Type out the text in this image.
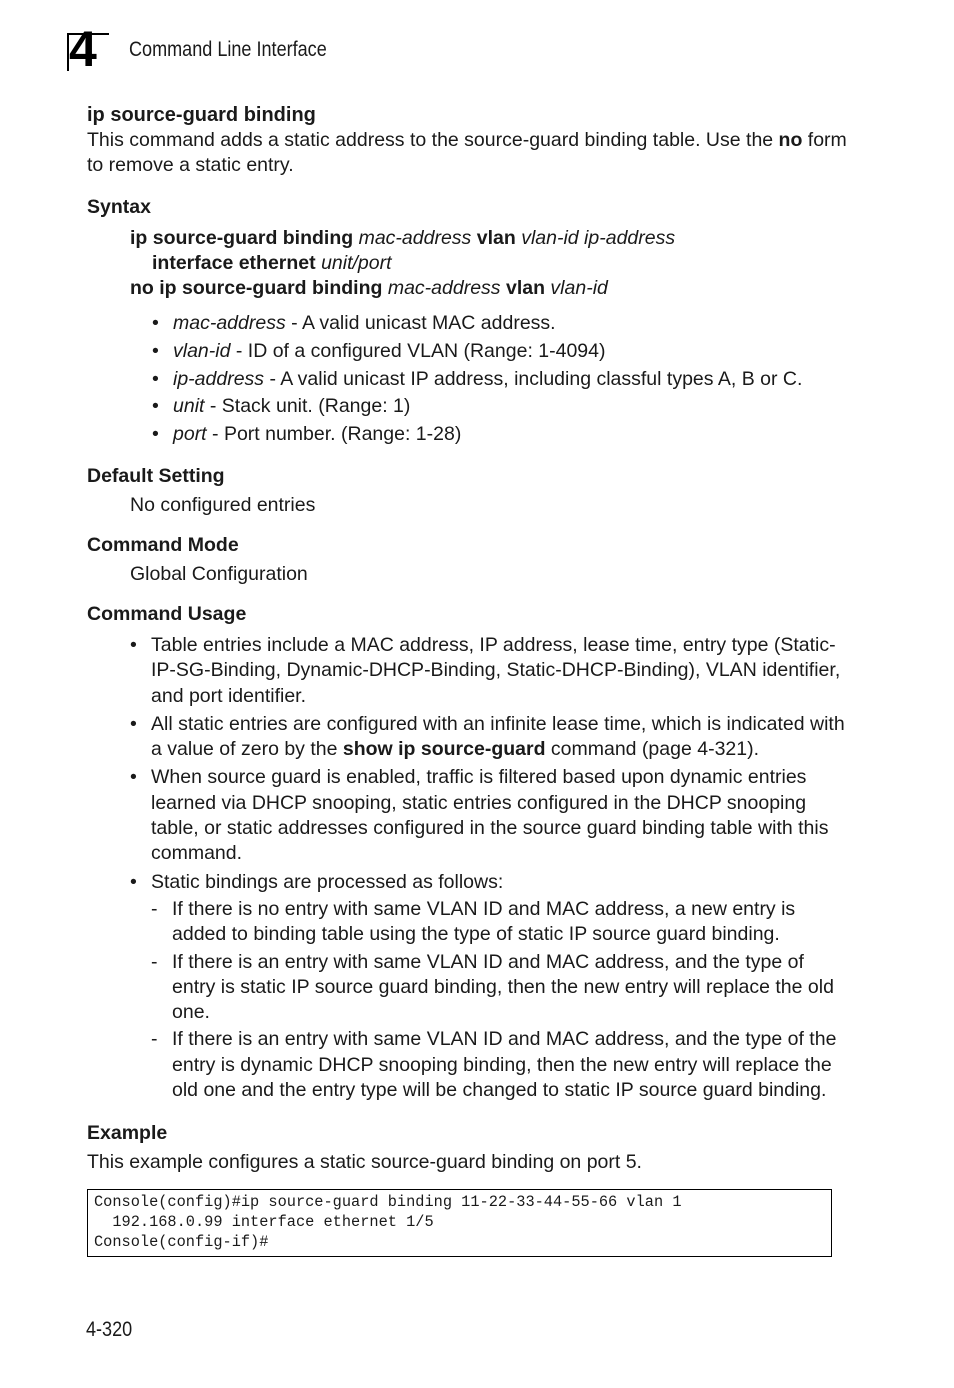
4 Command Line Interface
ip source-guard binding

This command adds a static address to the source-guard binding table. Use the no form to remove a static entry.

Syntax
ip source-guard binding mac-address vlan vlan-id ip-address
interface ethernet unit/port
no ip source-guard binding mac-address vlan vlan-id
• mac-address - A valid unicast MAC address.
• vlan-id - ID of a configured VLAN (Range: 1-4094)
• ip-address - A valid unicast IP address, including classful types A, B or C.
• unit - Stack unit. (Range: 1)
• port - Port number. (Range: 1-28)
Default Setting

No configured entries

Command Mode

Global Configuration

Command Usage
• Table entries include a MAC address, IP address, lease time, entry type (Static-IP-SG-Binding, Dynamic-DHCP-Binding, Static-DHCP-Binding), VLAN identifier, and port identifier.
• All static entries are configured with an infinite lease time, which is indicated with a value of zero by the show ip source-guard command (page 4-321).
• When source guard is enabled, traffic is filtered based upon dynamic entries learned via DHCP snooping, static entries configured in the DHCP snooping table, or static addresses configured in the source guard binding table with this command.
• Static bindings are processed as follows:
- If there is no entry with same VLAN ID and MAC address, a new entry is added to binding table using the type of static IP source guard binding.
- If there is an entry with same VLAN ID and MAC address, and the type of entry is static IP source guard binding, then the new entry will replace the old one.
- If there is an entry with same VLAN ID and MAC address, and the type of the entry is dynamic DHCP snooping binding, then the new entry will replace the old one and the entry type will be changed to static IP source guard binding.
Example

This example configures a static source-guard binding on port 5.

Console(config)#ip source-guard binding 11-22-33-44-55-66 vlan 1
192.168.0.99 interface ethernet 1/5
Console(config-if)#
4-320
